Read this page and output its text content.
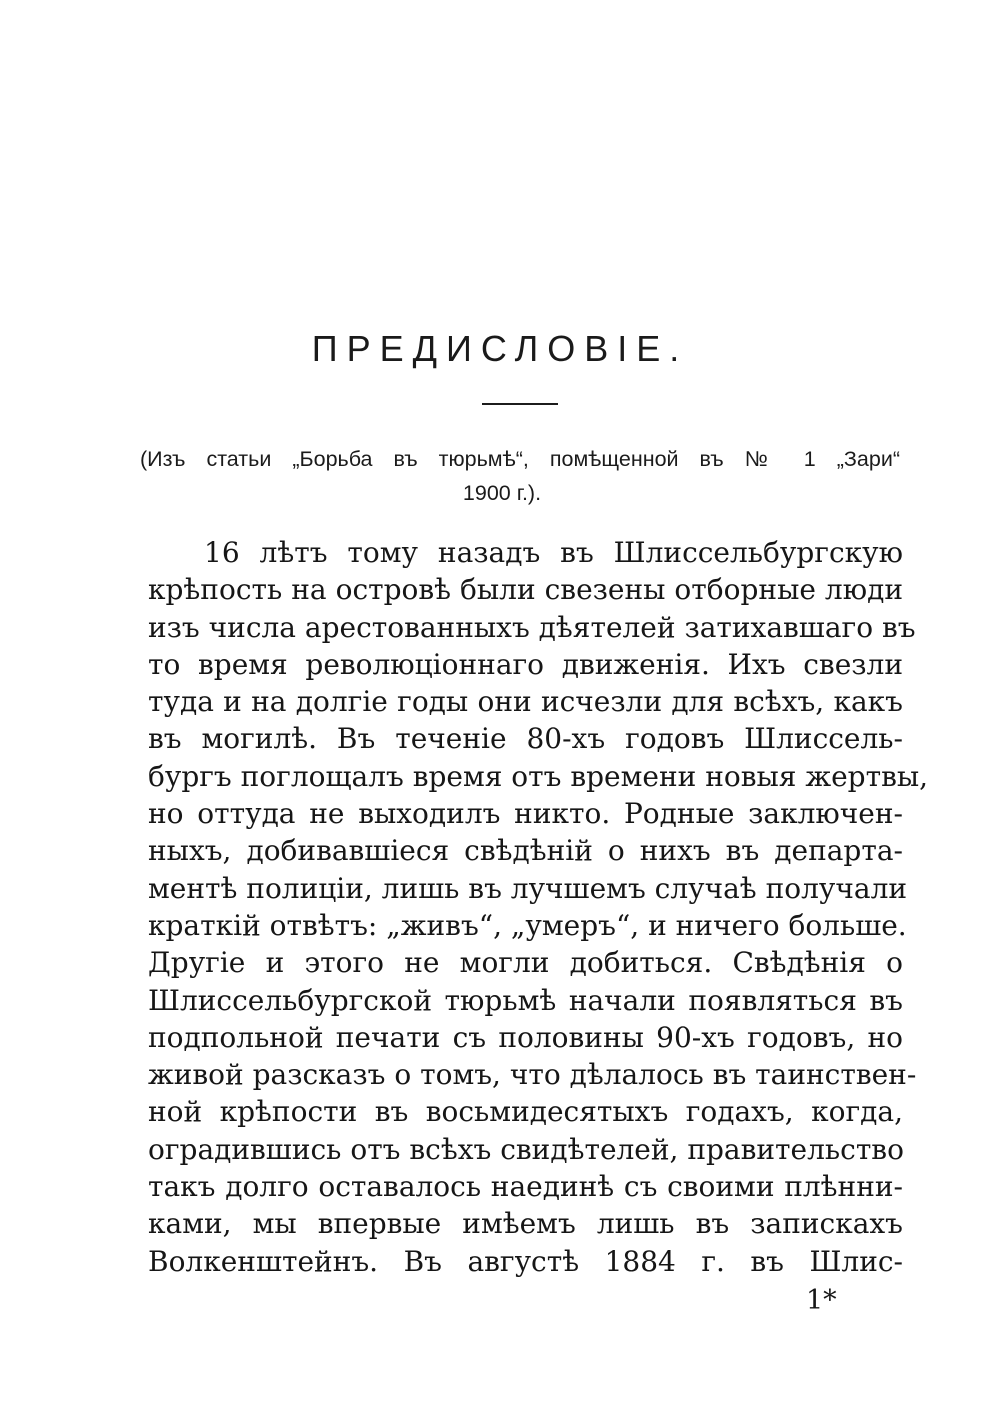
ПРЕДИСЛОВІЕ.
(Изъ статьи „Борьба въ тюрьмѣ“, помѣщенной въ № 1 „Зари“
1900 г.).
16 лѣтъ тому назадъ въ Шлиссельбургскую
крѣпость на островѣ были свезены отборные люди
изъ числа арестованныхъ дѣятелей затихавшаго въ
то время революціоннаго движенія. Ихъ свезли
туда и на долгіе годы они исчезли для всѣхъ, какъ
въ могилѣ. Въ теченіе 80-хъ годовъ Шлиссель-
бургъ поглощалъ время отъ времени новыя жертвы,
но оттуда не выходилъ никто. Родные заключен-
ныхъ, добивавшіеся свѣдѣній о нихъ въ департа-
ментѣ полиціи, лишь въ лучшемъ случаѣ получали
краткій отвѣтъ: „живъ“, „умеръ“, и ничего больше.
Другіе и этого не могли добиться. Свѣдѣнія о
Шлиссельбургской тюрьмѣ начали появляться въ
подпольной печати съ половины 90-хъ годовъ, но
живой разсказъ о томъ, что дѣлалось въ таинствен-
ной крѣпости въ восьмидесятыхъ годахъ, когда,
оградившись отъ всѣхъ свидѣтелей, правительство
такъ долго оставалось наединѣ съ своими плѣнни-
ками, мы впервые имѣемъ лишь въ запискахъ
Волкенштейнъ. Въ августѣ 1884 г. въ Шлис-
1*
